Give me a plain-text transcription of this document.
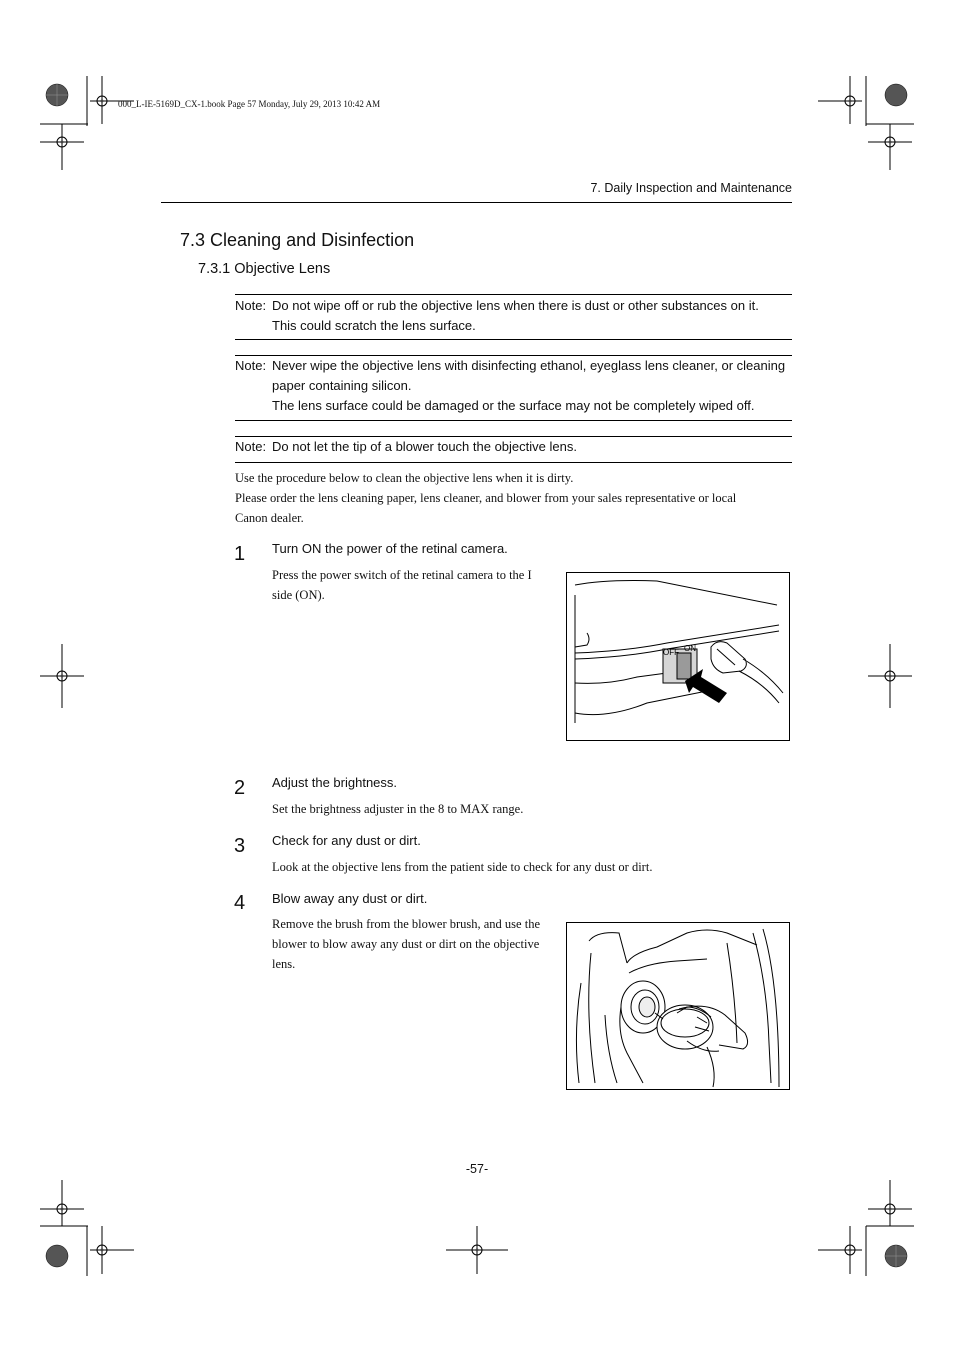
000_L-IE-5169D_CX-1.book Page 57 Monday, July 29, 2013 10:42 AM
7. Daily Inspection and Maintenance
7.3 Cleaning and Disinfection
7.3.1 Objective Lens
Note: Do not wipe off or rub the objective lens when there is dust or other substances on it.
This could scratch the lens surface.
Note: Never wipe the objective lens with disinfecting ethanol, eyeglass lens cleaner, or cleaning
paper containing silicon.
The lens surface could be damaged or the surface may not be completely wiped off.
Note: Do not let the tip of a blower touch the objective lens.
Use the procedure below to clean the objective lens when it is dirty.
Please order the lens cleaning paper, lens cleaner, and blower from your sales representative or local
Canon dealer.
1 Turn ON the power of the retinal camera.
Press the power switch of the retinal camera to the I
side (ON).
OFF ON
2 Adjust the brightness.
Set the brightness adjuster in the 8 to MAX range.
3 Check for any dust or dirt.
Look at the objective lens from the patient side to check for any dust or dirt.
4 Blow away any dust or dirt.
Remove the brush from the blower brush, and use the
blower to blow away any dust or dirt on the objective
lens.
-57-
